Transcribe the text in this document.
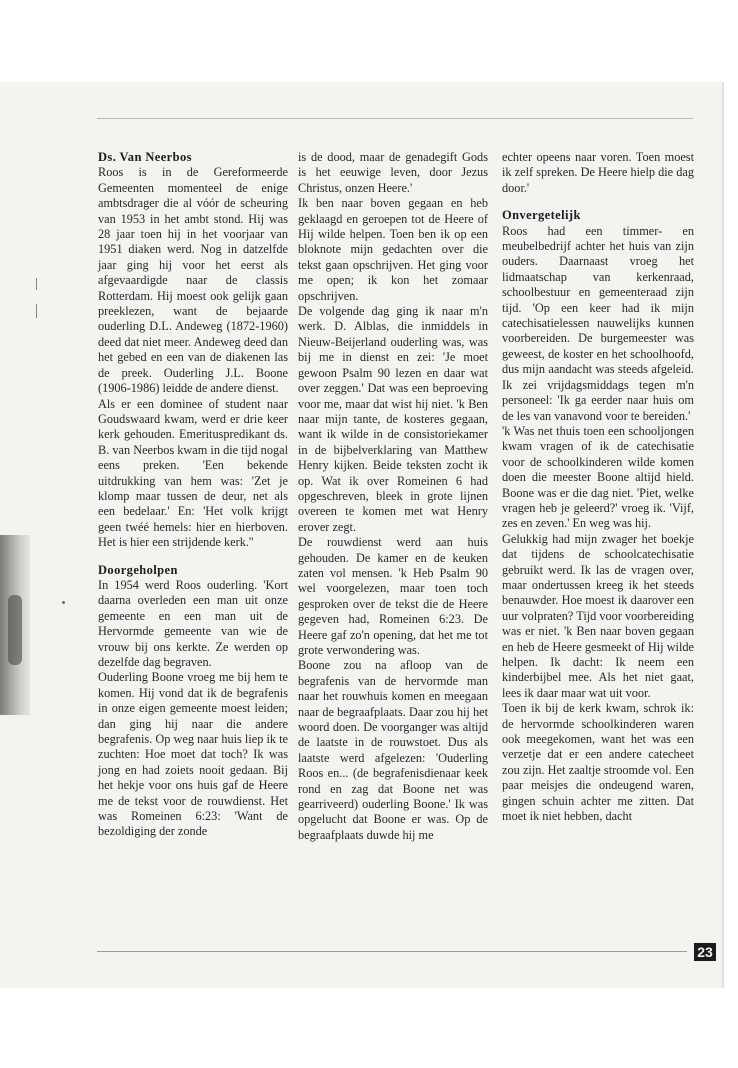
Ds. Van Neerbos

Roos is in de Gereformeerde Gemeenten momenteel de enige ambtsdrager die al vóór de scheuring van 1953 in het ambt stond. Hij was 28 jaar toen hij in het voorjaar van 1951 diaken werd. Nog in datzelfde jaar ging hij voor het eerst als afgevaardigde naar de classis Rotterdam. Hij moest ook gelijk gaan preeklezen, want de bejaarde ouderling D.L. Andeweg (1872-1960) deed dat niet meer. Andeweg deed dan het gebed en een van de diakenen las de preek. Ouderling J.L. Boone (1906-1986) leidde de andere dienst.

Als er een dominee of student naar Goudswaard kwam, werd er drie keer kerk gehouden. Emerituspredikant ds. B. van Neerbos kwam in die tijd nogal eens preken. 'Een bekende uitdrukking van hem was: 'Zet je klomp maar tussen de deur, net als een bedelaar.' En: 'Het volk krijgt geen twéé hemels: hier en hierboven. Het is hier een strijdende kerk.''

Doorgeholpen

In 1954 werd Roos ouderling. 'Kort daarna overleden een man uit onze gemeente en een man uit de Hervormde gemeente van wie de vrouw bij ons kerkte. Ze werden op dezelfde dag begraven.

Ouderling Boone vroeg me bij hem te komen. Hij vond dat ik de begrafenis in onze eigen gemeente moest leiden; dan ging hij naar die andere begrafenis. Op weg naar huis liep ik te zuchten: Hoe moet dat toch? Ik was jong en had zoiets nooit gedaan. Bij het hekje voor ons huis gaf de Heere me de tekst voor de rouwdienst. Het was Romeinen 6:23: 'Want de bezoldiging der zonde

is de dood, maar de genadegift Gods is het eeuwige leven, door Jezus Christus, onzen Heere.'

Ik ben naar boven gegaan en heb geklaagd en geroepen tot de Heere of Hij wilde helpen. Toen ben ik op een bloknote mijn gedachten over die tekst gaan opschrijven. Het ging voor me open; ik kon het zomaar opschrijven.

De volgende dag ging ik naar m'n werk. D. Alblas, die inmiddels in Nieuw-Beijerland ouderling was, was bij me in dienst en zei: 'Je moet gewoon Psalm 90 lezen en daar wat over zeggen.' Dat was een beproeving voor me, maar dat wist hij niet. 'k Ben naar mijn tante, de kosteres gegaan, want ik wilde in de consistoriekamer in de bijbelverklaring van Matthew Henry kijken. Beide teksten zocht ik op. Wat ik over Romeinen 6 had opgeschreven, bleek in grote lijnen overeen te komen met wat Henry erover zegt.

De rouwdienst werd aan huis gehouden. De kamer en de keuken zaten vol mensen. 'k Heb Psalm 90 wel voorgelezen, maar toen toch gesproken over de tekst die de Heere gegeven had, Romeinen 6:23. De Heere gaf zo'n opening, dat het me tot grote verwondering was.

Boone zou na afloop van de begrafenis van de hervormde man naar het rouwhuis komen en meegaan naar de begraafplaats. Daar zou hij het woord doen. De voorganger was altijd de laatste in de rouwstoet. Dus als laatste werd afgelezen: 'Ouderling Roos en... (de begrafenisdienaar keek rond en zag dat Boone net was gearriveerd) ouderling Boone.' Ik was opgelucht dat Boone er was. Op de begraafplaats duwde hij me

echter opeens naar voren. Toen moest ik zelf spreken. De Heere hielp die dag door.'

Onvergetelijk

Roos had een timmer- en meubelbedrijf achter het huis van zijn ouders. Daarnaast vroeg het lidmaatschap van kerkenraad, schoolbestuur en gemeenteraad zijn tijd. 'Op een keer had ik mijn catechisatielessen nauwelijks kunnen voorbereiden. De burgemeester was geweest, de koster en het schoolhoofd, dus mijn aandacht was steeds afgeleid. Ik zei vrijdagsmiddags tegen m'n personeel: 'Ik ga eerder naar huis om de les van vanavond voor te bereiden.'

'k Was net thuis toen een schooljongen kwam vragen of ik de catechisatie voor de schoolkinderen wilde komen doen die meester Boone altijd hield. Boone was er die dag niet. 'Piet, welke vragen heb je geleerd?' vroeg ik. 'Vijf, zes en zeven.' En weg was hij.

Gelukkig had mijn zwager het boekje dat tijdens de schoolcatechisatie gebruikt werd. Ik las de vragen over, maar ondertussen kreeg ik het steeds benauwder. Hoe moest ik daarover een uur volpraten? Tijd voor voorbereiding was er niet. 'k Ben naar boven gegaan en heb de Heere gesmeekt of Hij wilde helpen. Ik dacht: Ik neem een kinderbijbel mee. Als het niet gaat, lees ik daar maar wat uit voor.

Toen ik bij de kerk kwam, schrok ik: de hervormde schoolkinderen waren ook meegekomen, want het was een verzetje dat er een andere catecheet zou zijn. Het zaaltje stroomde vol. Een paar meisjes die ondeugend waren, gingen schuin achter me zitten. Dat moet ik niet hebben, dacht

23
